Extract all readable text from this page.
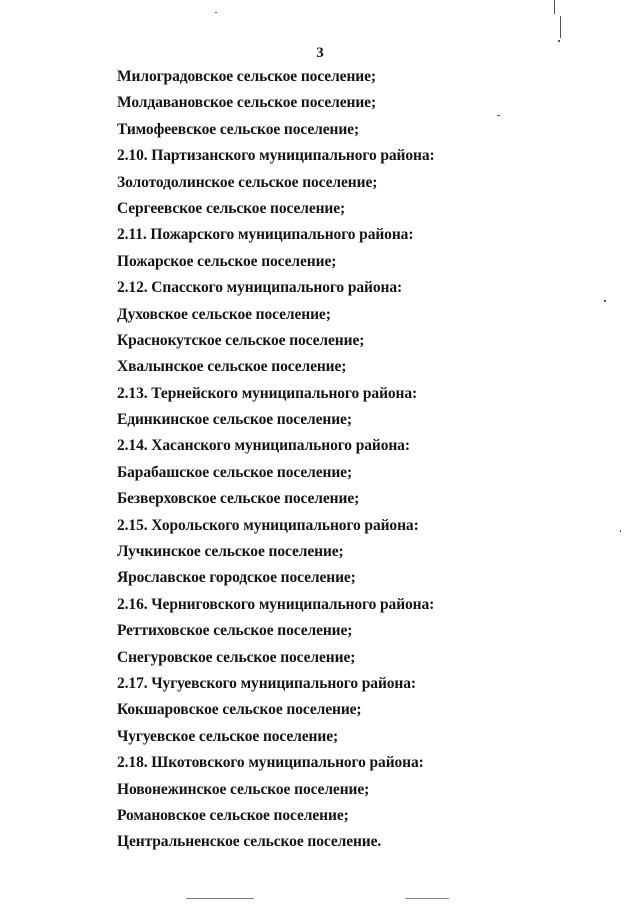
3
Милоградовское сельское поселение;
Молдавановское сельское поселение;
Тимофеевское сельское поселение;
2.10. Партизанского муниципального района:
Золотодолинское сельское поселение;
Сергеевское сельское поселение;
2.11. Пожарского муниципального района:
Пожарское сельское поселение;
2.12. Спасского муниципального района:
Духовское сельское поселение;
Краснокутское сельское поселение;
Хвалынское сельское поселение;
2.13. Тернейского муниципального района:
Единкинское сельское поселение;
2.14. Хасанского муниципального района:
Барабашское сельское поселение;
Безверховское сельское поселение;
2.15. Хорольского муниципального района:
Лучкинское сельское поселение;
Ярославское городское поселение;
2.16. Черниговского муниципального района:
Реттиховское сельское поселение;
Снегуровское сельское поселение;
2.17. Чугуевского муниципального района:
Кокшаровское сельское поселение;
Чугуевское сельское поселение;
2.18. Шкотовского муниципального района:
Новонежинское сельское поселение;
Романовское сельское поселение;
Центральненское сельское поселение.
